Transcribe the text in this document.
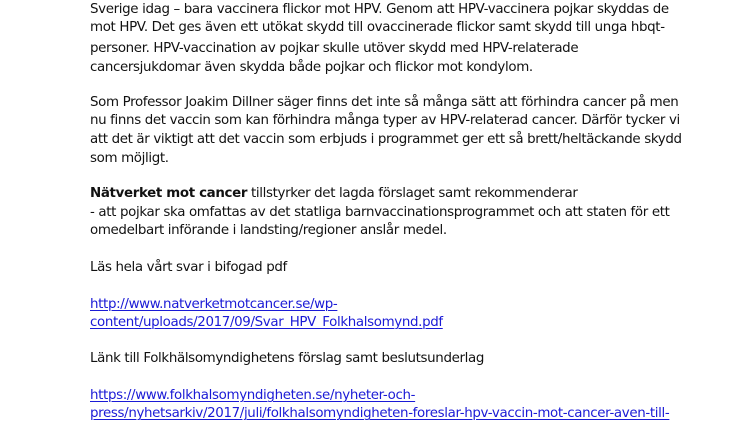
Sverige idag – bara vaccinera flickor mot HPV. Genom att HPV-vaccinera pojkar skyddas de
mot HPV. Det ges även ett utökat skydd till ovaccinerade flickor samt skydd till unga hbqt-
personer. HPV-vaccination av pojkar skulle utöver skydd med HPV-relaterade
cancersjukdomar även skydda både pojkar och flickor mot kondylom.
Som Professor Joakim Dillner säger finns det inte så många sätt att förhindra cancer på men
nu finns det vaccin som kan förhindra många typer av HPV-relaterad cancer. Därför tycker vi
att det är viktigt att det vaccin som erbjuds i programmet ger ett så brett/heltäckande skydd
som möjligt.
Nätverket mot cancer tillstyrker det lagda förslaget samt rekommenderar
- att pojkar ska omfattas av det statliga barnvaccinationsprogrammet och att staten för ett
omedelbart införande i landsting/regioner anslår medel.
Läs hela vårt svar i bifogad pdf
http://www.natverketmotcancer.se/wp-
content/uploads/2017/09/Svar_HPV_Folkhalsomynd.pdf
Länk till Folkhälsomyndighetens förslag samt beslutsunderlag
https://www.folkhalsomyndigheten.se/nyheter-och-
press/nyhetsarkiv/2017/juli/folkhalsomyndigheten-foreslar-hpv-vaccin-mot-cancer-aven-till-
